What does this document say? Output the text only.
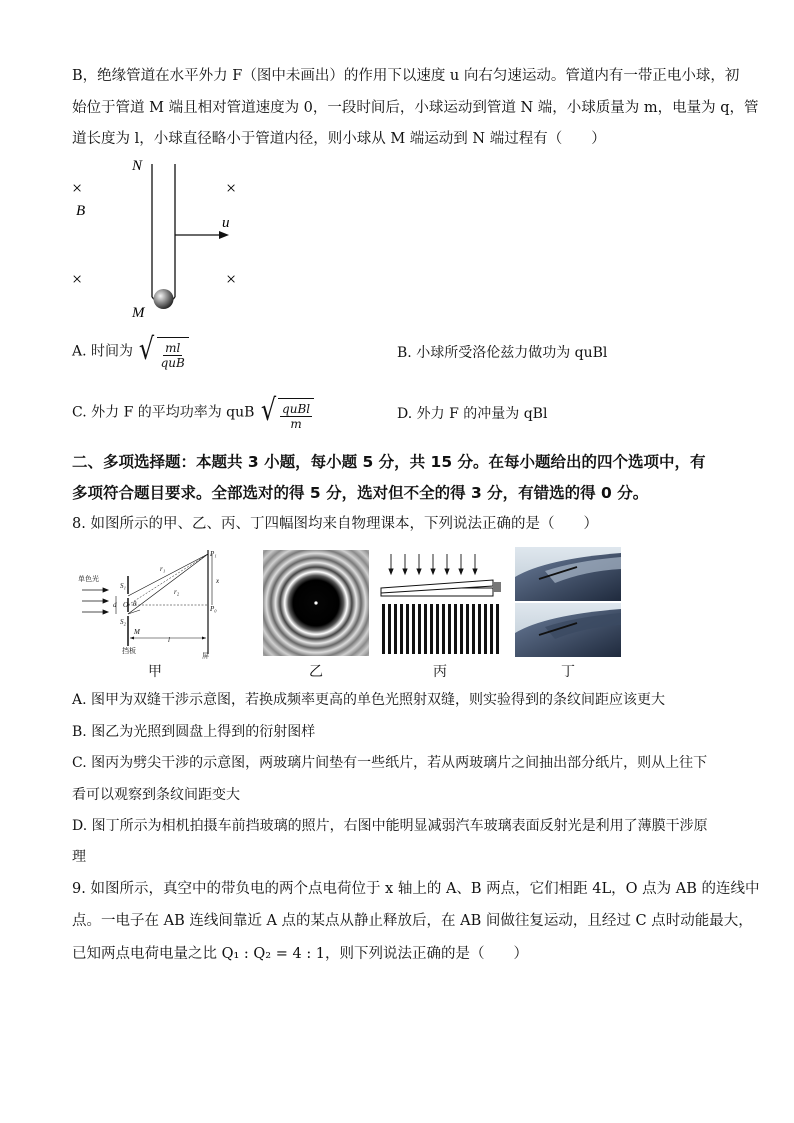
B，绝缘管道在水平外力 F（图中未画出）的作用下以速度 u 向右匀速运动。管道内有一带正电小球，初
始位于管道 M 端且相对管道速度为 0，一段时间后，小球运动到管道 N 端，小球质量为 m，电量为 q，管
道长度为 l，小球直径略小于管道内径，则小球从 M 端运动到 N 端过程有（　　）
N
×	×
B
×	×
u
M
A. 时间为 √ $\frac{ml}{\text{quB}}$	B. 小球所受洛伦兹力做功为 quBl
C. 外力 F 的平均功率为 quB √ $\frac{\text{quBl}}{m}$	D. 外力 F 的冲量为 qBl
二、多项选择题：本题共 3 小题，每小题 5 分，共 15 分。在每小题给出的四个选项中，有
多项符合题目要求。全部选对的得 5 分，选对但不全的得 3 分，有错选的得 0 分。
8. 如图所示的甲、乙、丙、丁四幅图均来自物理课本，下列说法正确的是（　　）
单色光
S₁
S₂
d O θ
M
P₁
P₀
r₁
r₂
x
l
挡板
屏
甲	乙	丙	丁
A. 图甲为双缝干涉示意图，若换成频率更高的单色光照射双缝，则实验得到的条纹间距应该更大
B. 图乙为光照到圆盘上得到的衍射图样
C. 图丙为劈尖干涉的示意图，两玻璃片间垫有一些纸片，若从两玻璃片之间抽出部分纸片，则从上往下
看可以观察到条纹间距变大
D. 图丁所示为相机拍摄车前挡玻璃的照片，右图中能明显减弱汽车玻璃表面反射光是利用了薄膜干涉原
理
9. 如图所示，真空中的带负电的两个点电荷位于 x 轴上的 A、B 两点，它们相距 4L，O 点为 AB 的连线中
点。一电子在 AB 连线间靠近 A 点的某点从静止释放后，在 AB 间做往复运动，且经过 C 点时动能最大，
已知两点电荷电量之比 Q₁ : Q₂ = 4 : 1，则下列说法正确的是（　　）
